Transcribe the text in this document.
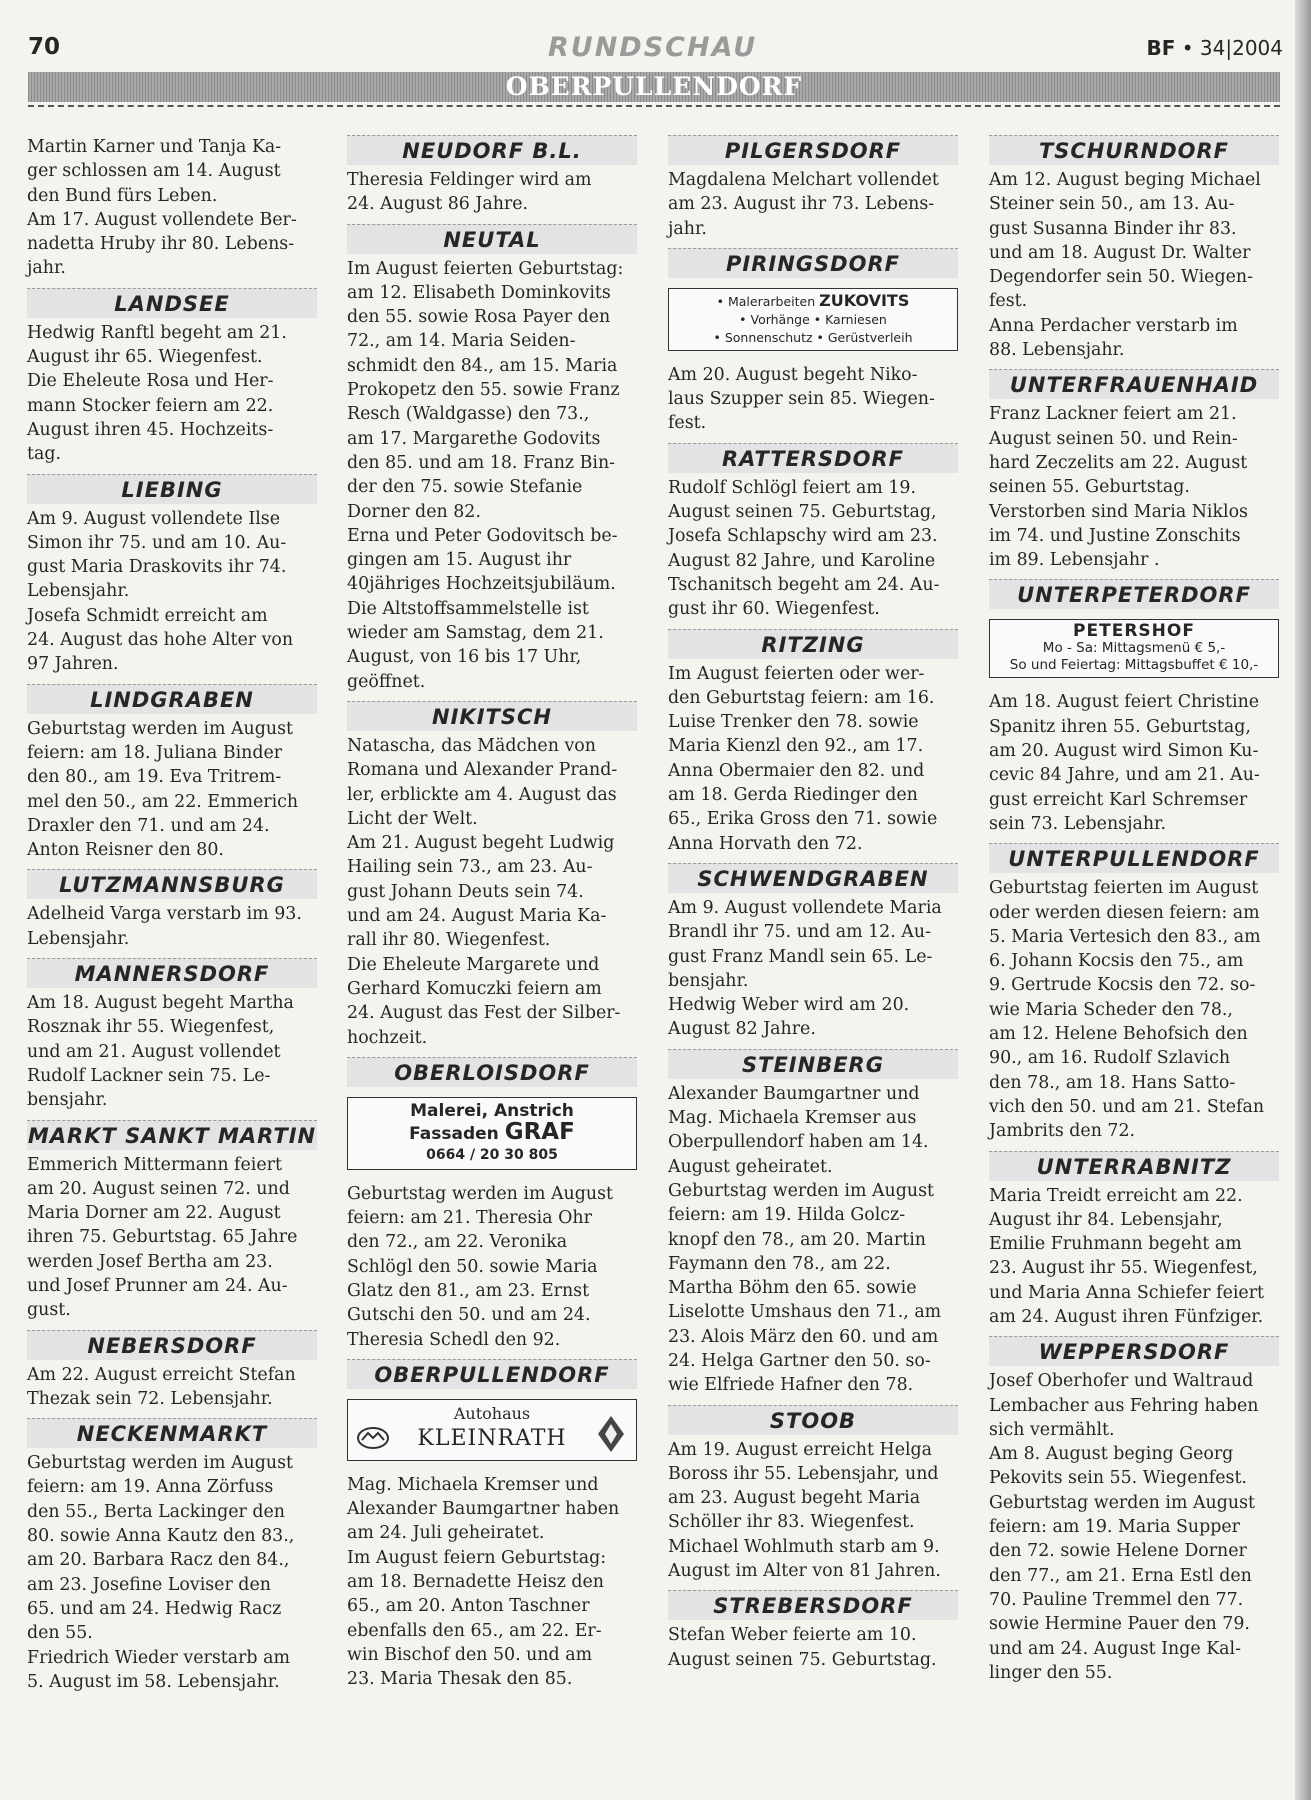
70	RUNDSCHAU	BF • 34|2004
OBERPULLENDORF

Martin Karner und Tanja Ka-
ger schlossen am 14. August
den Bund fürs Leben.
Am 17. August vollendete Ber-
nadetta Hruby ihr 80. Lebens-
jahr.

LANDSEE

Hedwig Ranftl begeht am 21.
August ihr 65. Wiegenfest.
Die Eheleute Rosa und Her-
mann Stocker feiern am 22.
August ihren 45. Hochzeits-
tag.

LIEBING

Am 9. August vollendete Ilse
Simon ihr 75. und am 10. Au-
gust Maria Draskovits ihr 74.
Lebensjahr.
Josefa Schmidt erreicht am
24. August das hohe Alter von
97 Jahren.

LINDGRABEN

Geburtstag werden im August
feiern: am 18. Juliana Binder
den 80., am 19. Eva Tritrem-
mel den 50., am 22. Emmerich
Draxler den 71. und am 24.
Anton Reisner den 80.

LUTZMANNSBURG

Adelheid Varga verstarb im 93.
Lebensjahr.

MANNERSDORF

Am 18. August begeht Martha
Rosznak ihr 55. Wiegenfest,
und am 21. August vollendet
Rudolf Lackner sein 75. Le-
bensjahr.

MARKT SANKT MARTIN

Emmerich Mittermann feiert
am 20. August seinen 72. und
Maria Dorner am 22. August
ihren 75. Geburtstag. 65 Jahre
werden Josef Bertha am 23.
und Josef Prunner am 24. Au-
gust.

NEBERSDORF

Am 22. August erreicht Stefan
Thezak sein 72. Lebensjahr.

NECKENMARKT

Geburtstag werden im August
feiern: am 19. Anna Zörfuss
den 55., Berta Lackinger den
80. sowie Anna Kautz den 83.,
am 20. Barbara Racz den 84.,
am 23. Josefine Loviser den
65. und am 24. Hedwig Racz
den 55.
Friedrich Wieder verstarb am
5. August im 58. Lebensjahr.

NEUDORF B.L.

Theresia Feldinger wird am
24. August 86 Jahre.

NEUTAL

Im August feierten Geburtstag:
am 12. Elisabeth Dominkovits
den 55. sowie Rosa Payer den
72., am 14. Maria Seiden-
schmidt den 84., am 15. Maria
Prokopetz den 55. sowie Franz
Resch (Waldgasse) den 73.,
am 17. Margarethe Godovits
den 85. und am 18. Franz Bin-
der den 75. sowie Stefanie
Dorner den 82.
Erna und Peter Godovitsch be-
gingen am 15. August ihr
40jähriges Hochzeitsjubiläum.
Die Altstoffsammelstelle ist
wieder am Samstag, dem 21.
August, von 16 bis 17 Uhr,
geöffnet.

NIKITSCH

Natascha, das Mädchen von
Romana und Alexander Prand-
ler, erblickte am 4. August das
Licht der Welt.
Am 21. August begeht Ludwig
Hailing sein 73., am 23. Au-
gust Johann Deuts sein 74.
und am 24. August Maria Ka-
rall ihr 80. Wiegenfest.
Die Eheleute Margarete und
Gerhard Komuczki feiern am
24. August das Fest der Silber-
hochzeit.

OBERLOISDORF
Malerei, Anstrich
Fassaden GRAF
0664 / 20 30 805

Geburtstag werden im August
feiern: am 21. Theresia Ohr
den 72., am 22. Veronika
Schlögl den 50. sowie Maria
Glatz den 81., am 23. Ernst
Gutschi den 50. und am 24.
Theresia Schedl den 92.

OBERPULLENDORF
Autohaus
KLEINRATH

Mag. Michaela Kremser und
Alexander Baumgartner haben
am 24. Juli geheiratet.
Im August feiern Geburtstag:
am 18. Bernadette Heisz den
65., am 20. Anton Taschner
ebenfalls den 65., am 22. Er-
win Bischof den 50. und am
23. Maria Thesak den 85.

PILGERSDORF

Magdalena Melchart vollendet
am 23. August ihr 73. Lebens-
jahr.

PIRINGSDORF
• Malerarbeiten ZUKOVITS
• Vorhänge • Karniesen
• Sonnenschutz • Gerüstverleih

Am 20. August begeht Niko-
laus Szupper sein 85. Wiegen-
fest.

RATTERSDORF

Rudolf Schlögl feiert am 19.
August seinen 75. Geburtstag,
Josefa Schlapschy wird am 23.
August 82 Jahre, und Karoline
Tschanitsch begeht am 24. Au-
gust ihr 60. Wiegenfest.

RITZING

Im August feierten oder wer-
den Geburtstag feiern: am 16.
Luise Trenker den 78. sowie
Maria Kienzl den 92., am 17.
Anna Obermaier den 82. und
am 18. Gerda Riedinger den
65., Erika Gross den 71. sowie
Anna Horvath den 72.

SCHWENDGRABEN

Am 9. August vollendete Maria
Brandl ihr 75. und am 12. Au-
gust Franz Mandl sein 65. Le-
bensjahr.
Hedwig Weber wird am 20.
August 82 Jahre.

STEINBERG

Alexander Baumgartner und
Mag. Michaela Kremser aus
Oberpullendorf haben am 14.
August geheiratet.
Geburtstag werden im August
feiern: am 19. Hilda Golcz-
knopf den 78., am 20. Martin
Faymann den 78., am 22.
Martha Böhm den 65. sowie
Liselotte Umshaus den 71., am
23. Alois März den 60. und am
24. Helga Gartner den 50. so-
wie Elfriede Hafner den 78.

STOOB

Am 19. August erreicht Helga
Boross ihr 55. Lebensjahr, und
am 23. August begeht Maria
Schöller ihr 83. Wiegenfest.
Michael Wohlmuth starb am 9.
August im Alter von 81 Jahren.

STREBERSDORF

Stefan Weber feierte am 10.
August seinen 75. Geburtstag.

TSCHURNDORF

Am 12. August beging Michael
Steiner sein 50., am 13. Au-
gust Susanna Binder ihr 83.
und am 18. August Dr. Walter
Degendorfer sein 50. Wiegen-
fest.
Anna Perdacher verstarb im
88. Lebensjahr.

UNTERFRAUENHAID

Franz Lackner feiert am 21.
August seinen 50. und Rein-
hard Zeczelits am 22. August
seinen 55. Geburtstag.
Verstorben sind Maria Niklos
im 74. und Justine Zonschits
im 89. Lebensjahr .

UNTERPETERDORF
PETERSHOF
Mo - Sa: Mittagsmenü € 5,-
So und Feiertag: Mittagsbuffet € 10,-

Am 18. August feiert Christine
Spanitz ihren 55. Geburtstag,
am 20. August wird Simon Ku-
cevic 84 Jahre, und am 21. Au-
gust erreicht Karl Schremser
sein 73. Lebensjahr.

UNTERPULLENDORF

Geburtstag feierten im August
oder werden diesen feiern: am
5. Maria Vertesich den 83., am
6. Johann Kocsis den 75., am
9. Gertrude Kocsis den 72. so-
wie Maria Scheder den 78.,
am 12. Helene Behofsich den
90., am 16. Rudolf Szlavich
den 78., am 18. Hans Satto-
vich den 50. und am 21. Stefan
Jambrits den 72.

UNTERRABNITZ

Maria Treidt erreicht am 22.
August ihr 84. Lebensjahr,
Emilie Fruhmann begeht am
23. August ihr 55. Wiegenfest,
und Maria Anna Schiefer feiert
am 24. August ihren Fünfziger.

WEPPERSDORF

Josef Oberhofer und Waltraud
Lembacher aus Fehring haben
sich vermählt.
Am 8. August beging Georg
Pekovits sein 55. Wiegenfest.
Geburtstag werden im August
feiern: am 19. Maria Supper
den 72. sowie Helene Dorner
den 77., am 21. Erna Estl den
70. Pauline Tremmel den 77.
sowie Hermine Pauer den 79.
und am 24. August Inge Kal-
linger den 55.
